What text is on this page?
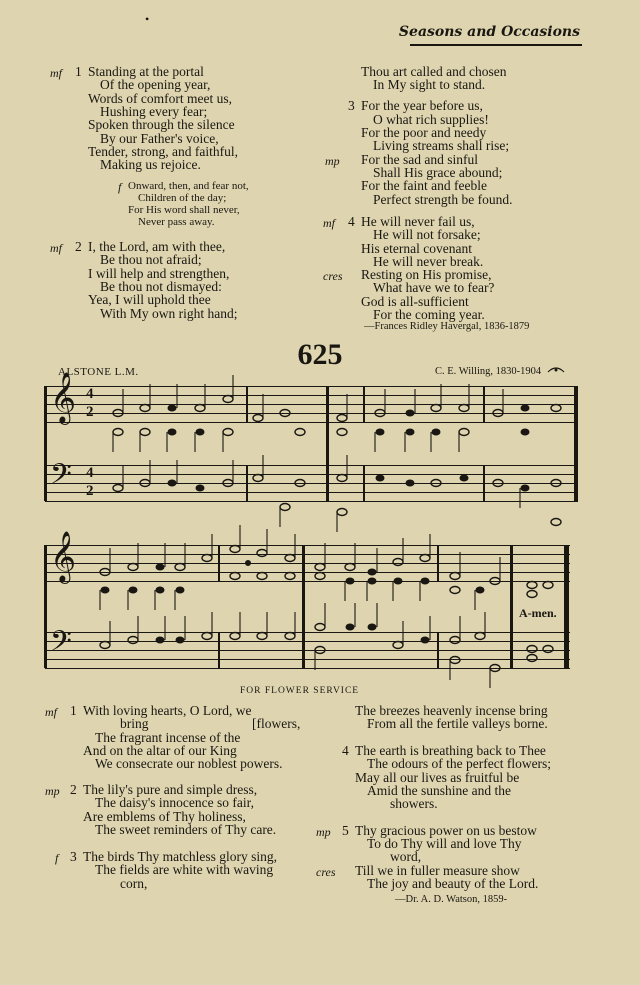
•
Seasons and Occasions
mf 1 Standing at the portal
Of the opening year,
Words of comfort meet us,
Hushing every fear;
Spoken through the silence
By our Father's voice,
Tender, strong, and faithful,
Making us rejoice.
f Onward, then, and fear not,
Children of the day;
For His word shall never,
Never pass away.
mf 2 I, the Lord, am with thee,
Be thou not afraid;
I will help and strengthen,
Be thou not dismayed:
Yea, I will uphold thee
With My own right hand;
Thou art called and chosen
In My sight to stand.
3 For the year before us,
O what rich supplies!
For the poor and needy
Living streams shall rise;
mp For the sad and sinful
Shall His grace abound;
For the faint and feeble
Perfect strength be found.
mf 4 He will never fail us,
He will not forsake;
His eternal covenant
He will never break.
cres Resting on His promise,
What have we to fear?
God is all-sufficient
For the coming year.
—Frances Ridley Havergal, 1836-1879
625
ALSTONE L.M.	C. E. Willing, 1830-1904
𝄞
𝄢
4
2
4
2
𝄞
𝄢
A-men.
FOR FLOWER SERVICE
mf 1 With loving hearts, O Lord, we
bring	[flowers,
The fragrant incense of the
And on the altar of our King
We consecrate our noblest powers.
mp 2 The lily's pure and simple dress,
The daisy's innocence so fair,
Are emblems of Thy holiness,
The sweet reminders of Thy care.
f 3 The birds Thy matchless glory sing,
The fields are white with waving
corn,
The breezes heavenly incense bring
From all the fertile valleys borne.
4 The earth is breathing back to Thee
The odours of the perfect flowers;
May all our lives as fruitful be
Amid the sunshine and the
showers.
mp 5 Thy gracious power on us bestow
To do Thy will and love Thy
word,
cres Till we in fuller measure show
The joy and beauty of the Lord.
—Dr. A. D. Watson, 1859-
